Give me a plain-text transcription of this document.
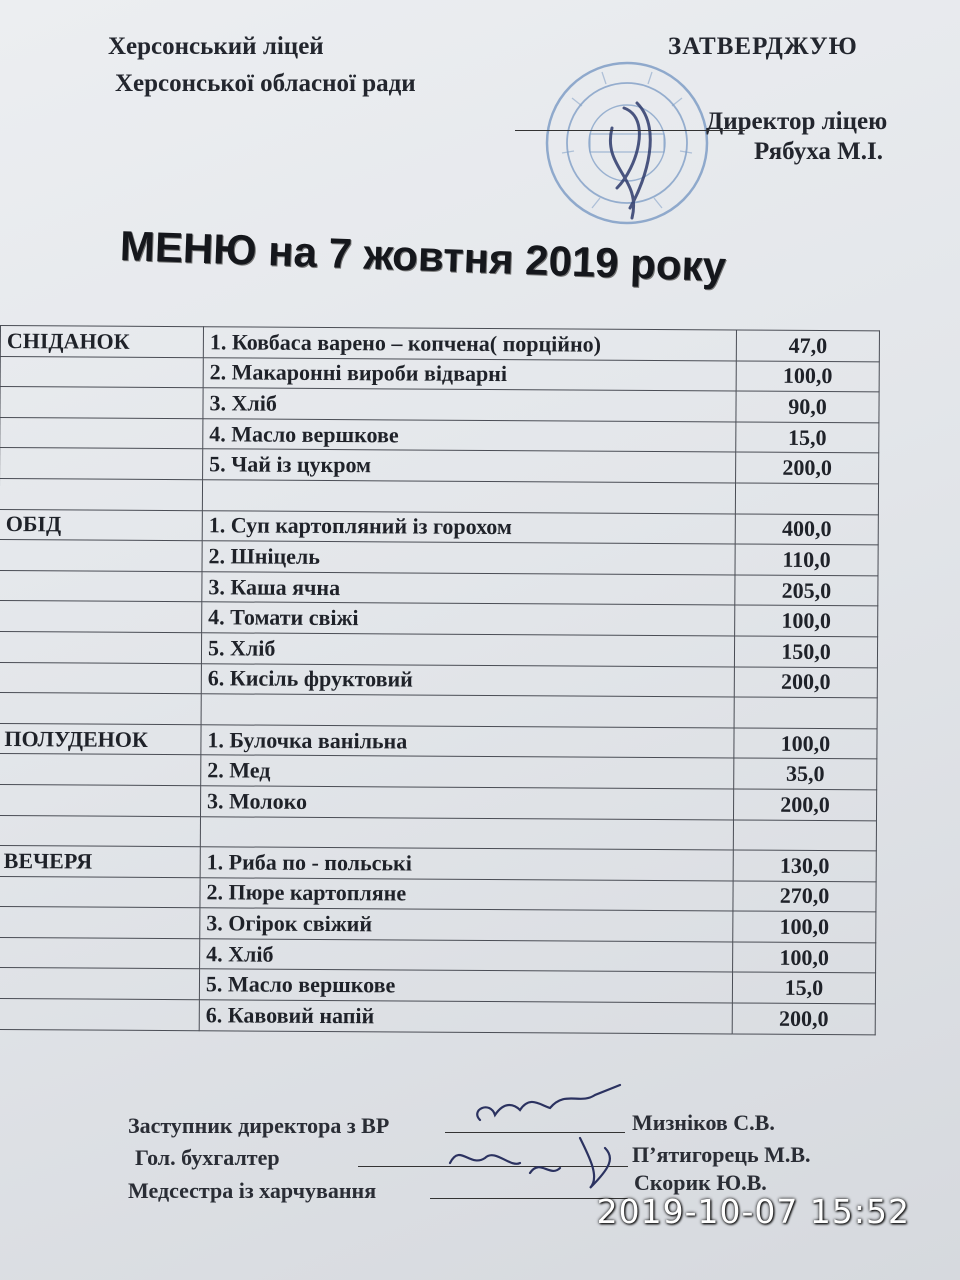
Херсонський ліцей
Херсонської обласної ради
ЗАТВЕРДЖУЮ
Директор ліцею
Рябуха М.І.
МЕНЮ на 7 жовтня 2019 року
СНІДАНОК	1. Ковбаса варено – копчена( порційно)	47,0
	2. Макаронні вироби відварні	100,0
	3. Хліб	90,0
	4. Масло вершкове	15,0
	5. Чай із цукром	200,0

ОБІД	1. Суп картопляний із горохом	400,0
	2. Шніцель	110,0
	3. Каша ячна	205,0
	4. Томати свіжі	100,0
	5. Хліб	150,0
	6. Кисіль фруктовий	200,0

ПОЛУДЕНОК	1. Булочка ванільна	100,0
	2. Мед	35,0
	3. Молоко	200,0

ВЕЧЕРЯ	1. Риба по - польські	130,0
	2. Пюре картопляне	270,0
	3. Огірок свіжий	100,0
	4. Хліб	100,0
	5. Масло вершкове	15,0
	6. Кавовий напій	200,0
Заступник директора з ВР	Мизніков С.В.
Гол. бухгалтер	П’ятигорець М.В.
Медсестра із харчування	Скорик Ю.В.
2019-10-07 15:52
